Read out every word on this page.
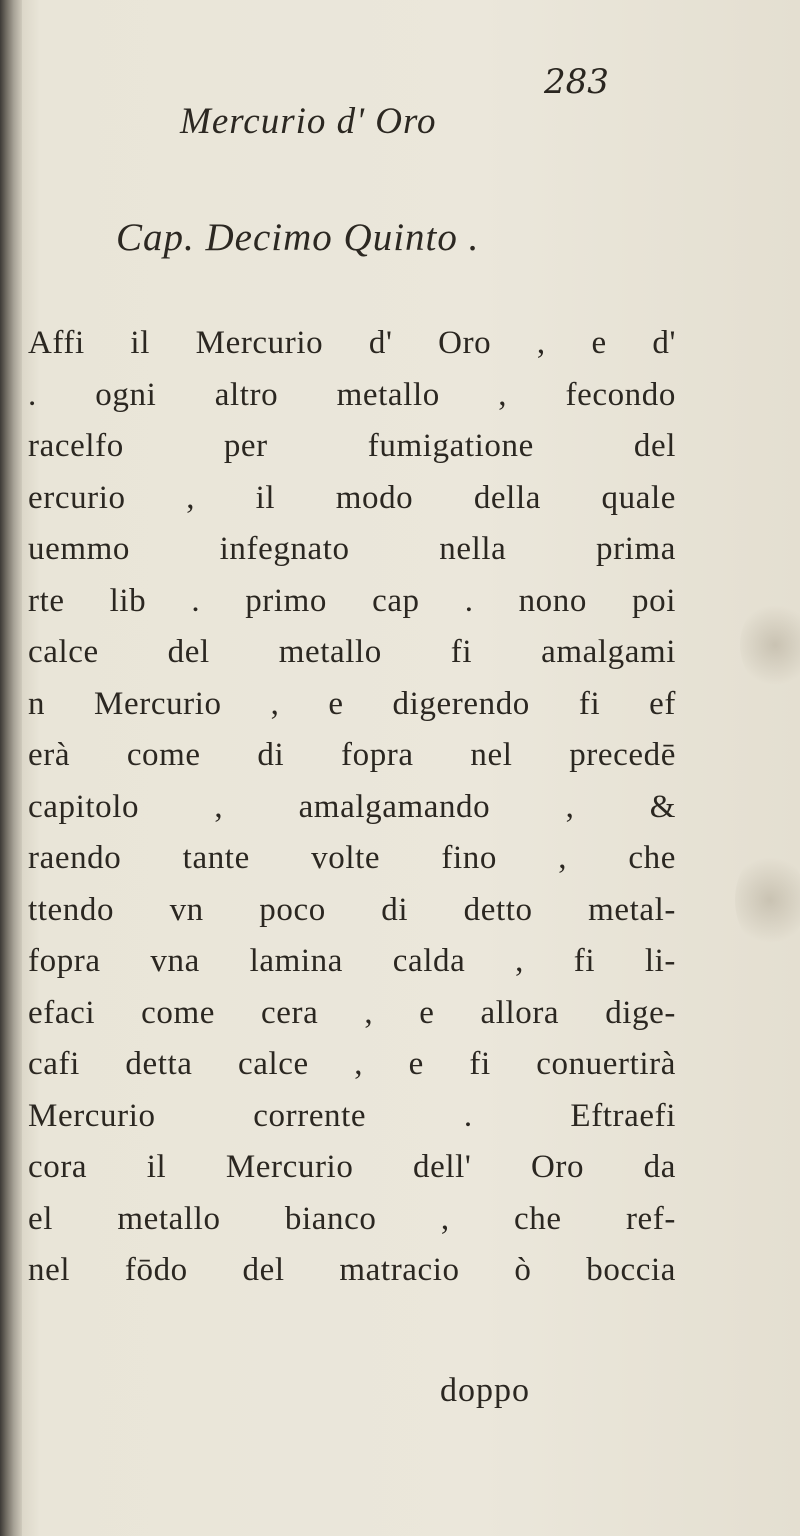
283
Mercurio d' Oro
Cap. Decimo Quinto .
Affi il Mercurio d' Oro , e d'
. ogni altro metallo , fecondo
racelfo per fumigatione del
ercurio , il modo della quale
uemmo infegnato nella prima
rte lib . primo cap . nono poi
calce del metallo fi amalgami
n Mercurio , e digerendo fi ef
erà come di fopra nel precedē
capitolo , amalgamando , &
raendo tante volte fino , che
ttendo vn poco di detto metal-
fopra vna lamina calda , fi li-
efaci come cera , e allora dige-
cafi detta calce , e fi conuertirà
Mercurio corrente . Eftraefi
cora il Mercurio dell' Oro da
el metallo bianco , che ref-
nel fōdo del matracio ò boccia
doppo
